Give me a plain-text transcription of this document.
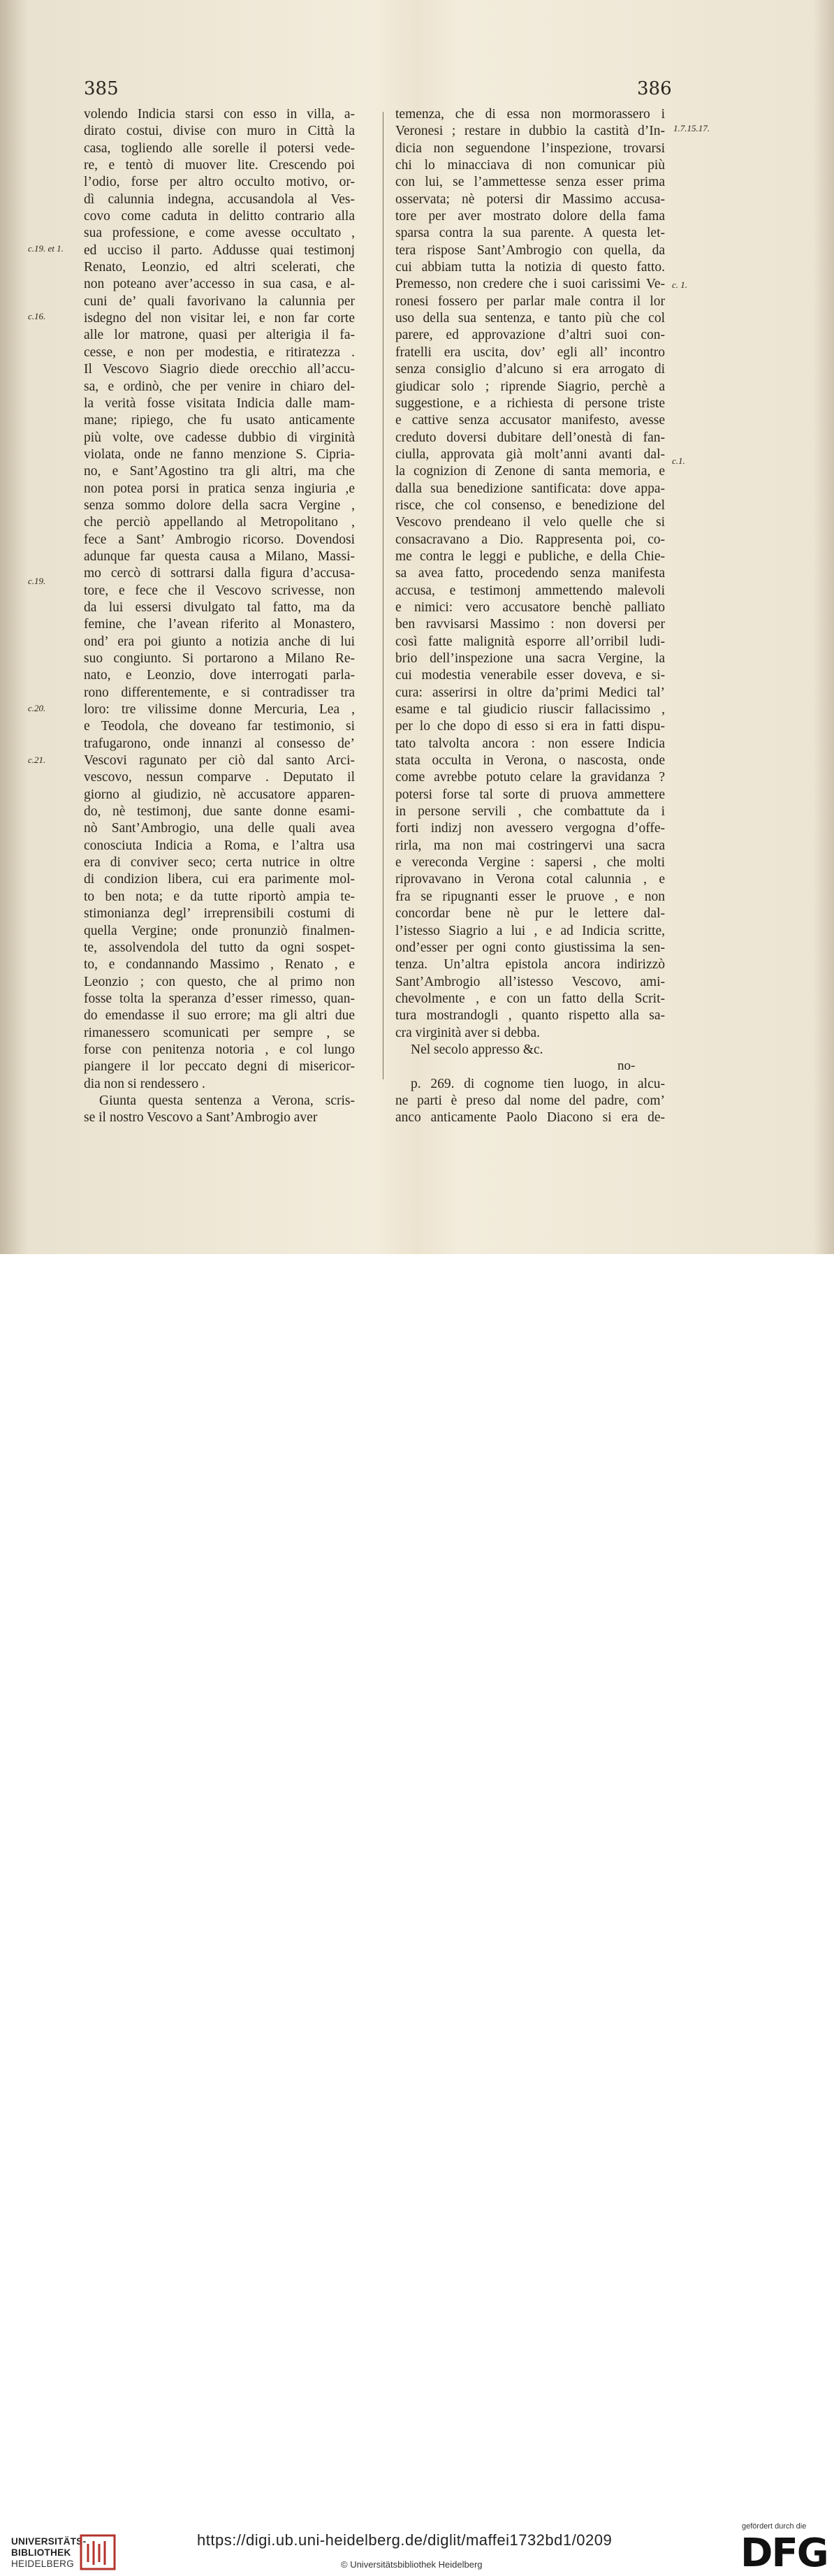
385	386
volendo Indicia starsi con esso in villa, a-
dirato costui, divise con muro in Città la
casa, togliendo alle sorelle il potersi vede-
re, e tentò di muover lite. Crescendo poi
l’odio, forse per altro occulto motivo, or-
dì calunnia indegna, accusandola al Ves-
covo come caduta in delitto contrario alla
sua professione, e come avesse occultato ,
ed ucciso il parto. Addusse quai testimonj
Renato, Leonzio, ed altri scelerati, che
non poteano aver’accesso in sua casa, e al-
cuni de’ quali favorivano la calunnia per
isdegno del non visitar lei, e non far corte
alle lor matrone, quasi per alterigia il fa-
cesse, e non per modestia, e ritiratezza .
Il Vescovo Siagrio diede orecchio all’accu-
sa, e ordinò, che per venire in chiaro del-
la verità fosse visitata Indicia dalle mam-
mane; ripiego, che fu usato anticamente
più volte, ove cadesse dubbio di virginità
violata, onde ne fanno menzione S. Cipria-
no, e Sant’Agostino tra gli altri, ma che
non potea porsi in pratica senza ingiuria ,e
senza sommo dolore della sacra Vergine ,
che perciò appellando al Metropolitano ,
fece a Sant’ Ambrogio ricorso. Dovendosi
adunque far questa causa a Milano, Massi-
mo cercò di sottrarsi dalla figura d’accusa-
tore, e fece che il Vescovo scrivesse, non
da lui essersi divulgato tal fatto, ma da
femine, che l’avean riferito al Monastero,
ond’ era poi giunto a notizia anche di lui
suo congiunto. Si portarono a Milano Re-
nato, e Leonzio, dove interrogati parla-
rono differentemente, e si contradisser tra
loro: tre vilissime donne Mercuria, Lea ,
e Teodola, che doveano far testimonio, si
trafugarono, onde innanzi al consesso de’
Vescovi ragunato per ciò dal santo Arci-
vescovo, nessun comparve . Deputato il
giorno al giudizio, nè accusatore apparen-
do, nè testimonj, due sante donne esami-
nò Sant’Ambrogio, una delle quali avea
conosciuta Indicia a Roma, e l’altra usa
era di conviver seco; certa nutrice in oltre
di condizion libera, cui era parimente mol-
to ben nota; e da tutte riportò ampia te-
stimonianza degl’ irreprensibili costumi di
quella Vergine; onde pronunziò finalmen-
te, assolvendola del tutto da ogni sospet-
to, e condannando Massimo , Renato , e
Leonzio ; con questo, che al primo non
fosse tolta la speranza d’esser rimesso, quan-
do emendasse il suo errore; ma gli altri due
rimanessero scomunicati per sempre , se
forse con penitenza notoria , e col lungo
piangere il lor peccato degni di misericor-
dia non si rendessero .
Giunta questa sentenza a Verona, scris-
se il nostro Vescovo a Sant’Ambrogio aver
temenza, che di essa non mormorassero i
Veronesi ; restare in dubbio la castità d’In-
dicia non seguendone l’inspezione, trovarsi
chi lo minacciava di non comunicar più
con lui, se l’ammettesse senza esser prima
osservata; nè potersi dir Massimo accusa-
tore per aver mostrato dolore della fama
sparsa contra la sua parente. A questa let-
tera rispose Sant’Ambrogio con quella, da
cui abbiam tutta la notizia di questo fatto.
Premesso, non credere che i suoi carissimi Ve-
ronesi fossero per parlar male contra il lor
uso della sua sentenza, e tanto più che col
parere, ed approvazione d’altri suoi con-
fratelli era uscita, dov’ egli all’ incontro
senza consiglio d’alcuno si era arrogato di
giudicar solo ; riprende Siagrio, perchè a
suggestione, e a richiesta di persone triste
e cattive senza accusator manifesto, avesse
creduto doversi dubitare dell’onestà di fan-
ciulla, approvata già molt’anni avanti dal-
la cognizion di Zenone di santa memoria, e
dalla sua benedizione santificata: dove appa-
risce, che col consenso, e benedizione del
Vescovo prendeano il velo quelle che si
consacravano a Dio. Rappresenta poi, co-
me contra le leggi e publiche, e della Chie-
sa avea fatto, procedendo senza manifesta
accusa, e testimonj ammettendo malevoli
e nimici: vero accusatore benchè palliato
ben ravvisarsi Massimo : non doversi per
così fatte malignità esporre all’orribil ludi-
brio dell’inspezione una sacra Vergine, la
cui modestia venerabile esser doveva, e si-
cura: asserirsi in oltre da’primi Medici tal’
esame e tal giudicio riuscir fallacissimo ,
per lo che dopo di esso si era in fatti dispu-
tato talvolta ancora : non essere Indicia
stata occulta in Verona, o nascosta, onde
come avrebbe potuto celare la gravidanza ?
potersi forse tal sorte di pruova ammettere
in persone servili , che combattute da i
forti indizj non avessero vergogna d’offe-
rirla, ma non mai costringervi una sacra
e vereconda Vergine : sapersi , che molti
riprovavano in Verona cotal calunnia , e
fra se ripugnanti esser le pruove , e non
concordar bene nè pur le lettere dal-
l’istesso Siagrio a lui , e ad Indicia scritte,
ond’esser per ogni conto giustissima la sen-
tenza. Un’altra epistola ancora indirizzò
Sant’Ambrogio all’istesso Vescovo, ami-
chevolmente , e con un fatto della Scrit-
tura mostrandogli , quanto rispetto alla sa-
cra virginità aver si debba.
Nel secolo appresso &c.

p. 269. di cognome tien luogo, in alcu-
ne parti è preso dal nome del padre, com’
anco anticamente Paolo Diacono si era de-
c.19. et 1.
c.16.
c.19.
c.20.
c.21.
1.7.15.17.
c. 1.
c.1.
no-
UNIVERSITÄTS-
BIBLIOTHEK
HEIDELBERG
https://digi.ub.uni-heidelberg.de/diglit/maffei1732bd1/0209
© Universitätsbibliothek Heidelberg
gefördert durch die
DFG
